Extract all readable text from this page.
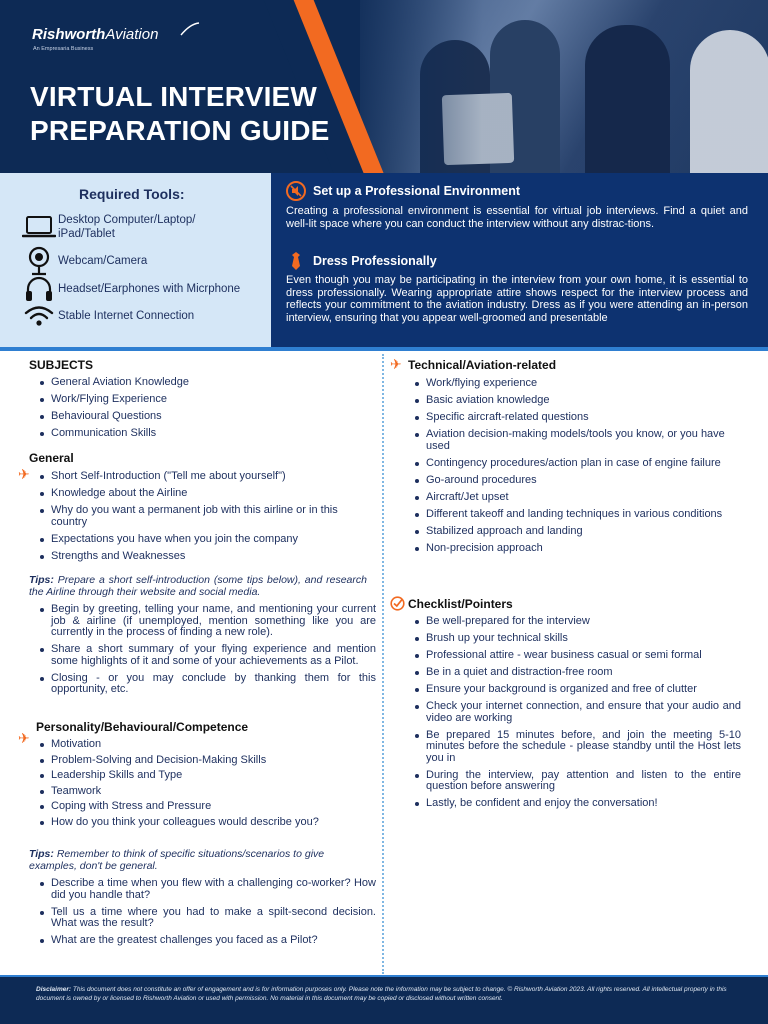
RishworthAviation
An Empresaria Business
VIRTUAL INTERVIEW
PREPARATION GUIDE
Required Tools:
Desktop Computer/Laptop/ iPad/Tablet
Webcam/Camera
Headset/Earphones with Micrphone
Stable Internet Connection
Set up a Professional Environment
Creating a professional environment is essential for virtual job interviews. Find a quiet and well-lit space where you can conduct the interview without any distrac-tions.
Dress Professionally
Even though you may be participating in the interview from your own home, it is essential to dress professionally. Wearing appropriate attire shows respect for the interview process and reflects your commitment to the aviation industry. Dress as if you were attending an in-person interview, ensuring that you appear well-groomed and presentable
SUBJECTS
General Aviation Knowledge
Work/Flying Experience
Behavioural Questions
Communication Skills
General
✈	Short Self-Introduction ("Tell me about yourself")
Knowledge about the Airline
Why do you want a permanent job with this airline or in this country
Expectations you have when you join the company
Strengths and Weaknesses
Tips: Prepare a short self-introduction (some tips below), and research the Airline through their website and social media.
Begin by greeting, telling your name, and mentioning your current job & airline (if unemployed, mention something like you are currently in the process of finding a new role).
Share a short summary of your flying experience and mention some highlights of it and some of your achievements as a Pilot.
Closing - or you may conclude by thanking them for this opportunity, etc.
Personality/Behavioural/Competence
✈	Motivation
Problem-Solving and Decision-Making Skills
Leadership Skills and Type
Teamwork
Coping with Stress and Pressure
How do you think your colleagues would describe you?
Tips: Remember to think of specific situations/scenarios to give examples, don't be general.
Describe a time when you flew with a challenging co-worker? How did you handle that?
Tell us a time where you had to make a spilt-second decision. What was the result?
What are the greatest challenges you faced as a Pilot?
✈ Technical/Aviation-related
Work/flying experience
Basic aviation knowledge
Specific aircraft-related questions
Aviation decision-making models/tools you know, or you have used
Contingency procedures/action plan in case of engine failure
Go-around procedures
Aircraft/Jet upset
Different takeoff and landing techniques in various conditions
Stabilized approach and landing
Non-precision approach
Checklist/Pointers
Be well-prepared for the interview
Brush up your technical skills
Professional attire - wear business casual or semi formal
Be in a quiet and distraction-free room
Ensure your background is organized and free of clutter
Check your internet connection, and ensure that your audio and video are working
Be prepared 15 minutes before, and join the meeting 5-10 minutes before the schedule - please standby until the Host lets you in
During the interview, pay attention and listen to the entire question before answering
Lastly, be confident and enjoy the conversation!
Disclaimer: This document does not constitute an offer of engagement and is for information purposes only. Please note the information may be subject to change. © Rishworth Aviation 2023. All rights reserved. All intellectual property in this document is owned by or licensed to Rishworth Aviation or used with permission. No material in this document may be copied or disclosed without written consent.
